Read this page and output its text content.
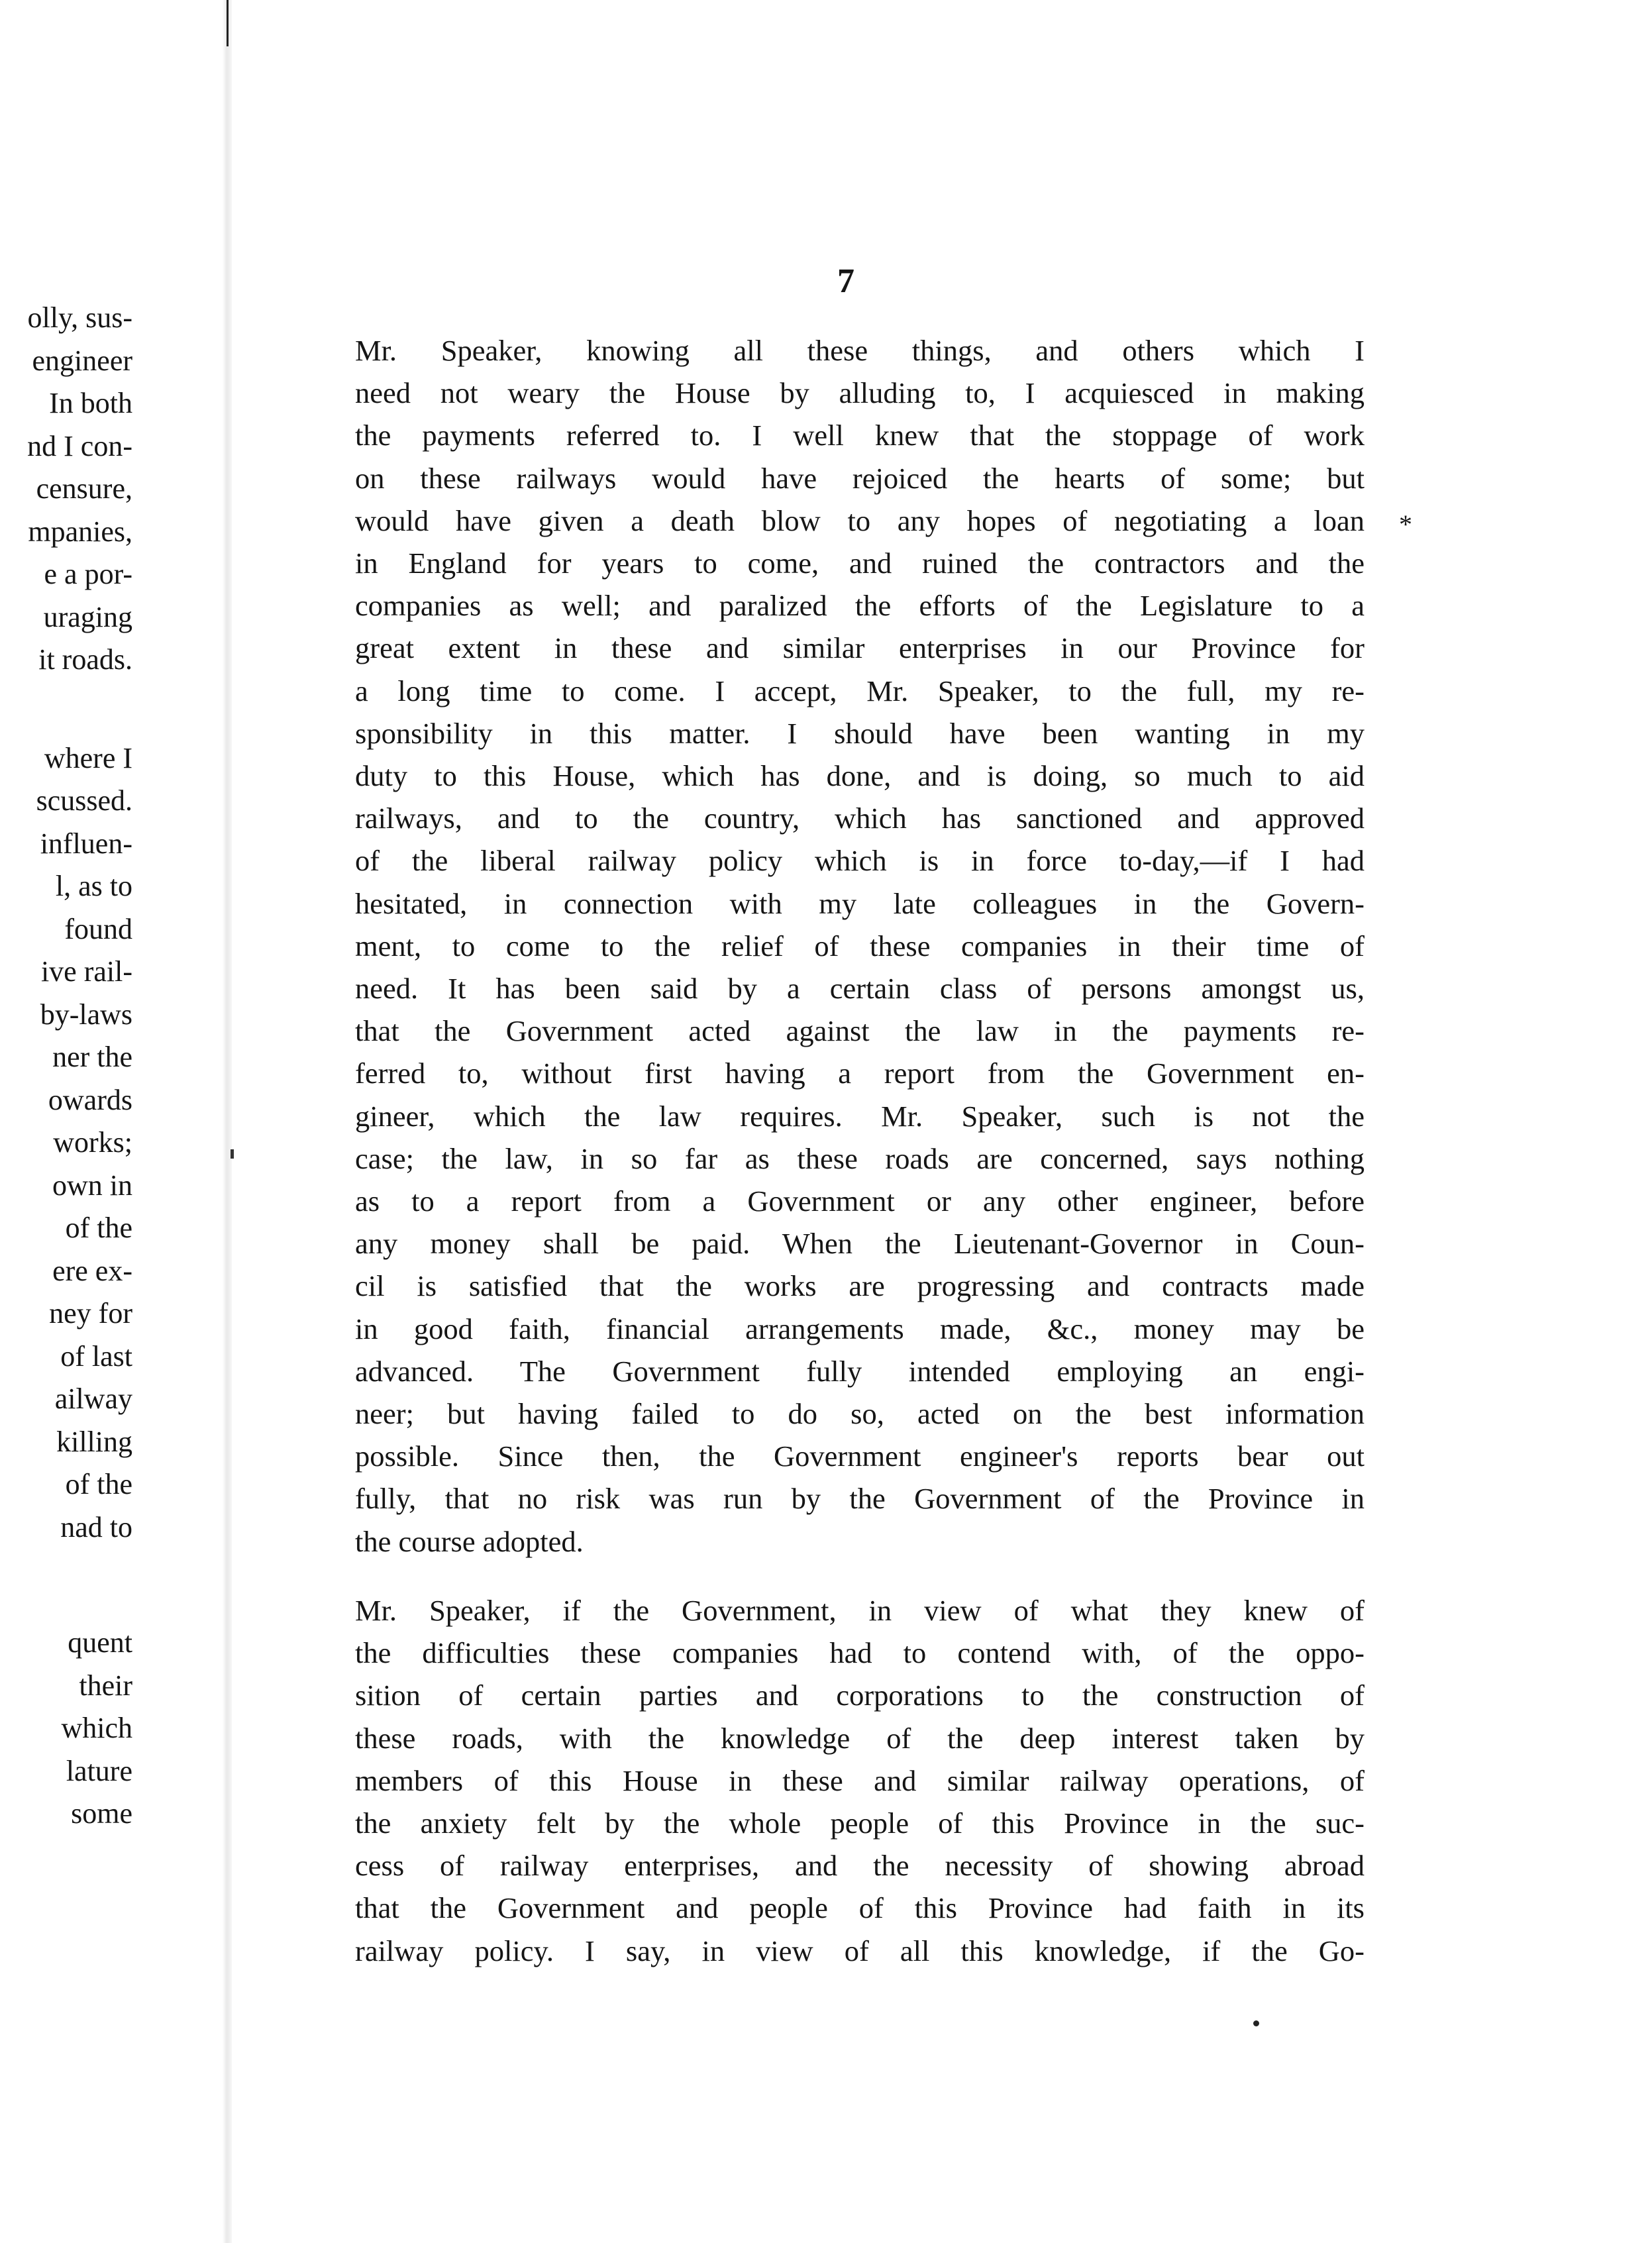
olly, sus-
engineer
In both
nd I con-
censure,
mpanies,
e a por-
uraging
it roads.
where I
scussed.
influen-
l, as to
found
ive rail-
by-laws
ner the
owards
works;
own in
of the
ere ex-
ney for
of last
ailway
killing
of the
nad to
quent
their
which
lature
some
7
Mr. Speaker, knowing all these things, and others which I
need not weary the House by alluding to, I acquiesced in making
the payments referred to. I well knew that the stoppage of work
on these railways would have rejoiced the hearts of some; but
would have given a death blow to any hopes of negotiating a loan
in England for years to come, and ruined the contractors and the
companies as well; and paralized the efforts of the Legislature to a
great extent in these and similar enterprises in our Province for
a long time to come. I accept, Mr. Speaker, to the full, my re-
sponsibility in this matter. I should have been wanting in my
duty to this House, which has done, and is doing, so much to aid
railways, and to the country, which has sanctioned and approved
of the liberal railway policy which is in force to-day,—if I had
hesitated, in connection with my late colleagues in the Govern-
ment, to come to the relief of these companies in their time of
need. It has been said by a certain class of persons amongst us,
that the Government acted against the law in the payments re-
ferred to, without first having a report from the Government en-
gineer, which the law requires. Mr. Speaker, such is not the
case; the law, in so far as these roads are concerned, says nothing
as to a report from a Government or any other engineer, before
any money shall be paid. When the Lieutenant-Governor in Coun-
cil is satisfied that the works are progressing and contracts made
in good faith, financial arrangements made, &c., money may be
advanced. The Government fully intended employing an engi-
neer; but having failed to do so, acted on the best information
possible. Since then, the Government engineer's reports bear out
fully, that no risk was run by the Government of the Province in
the course adopted.
Mr. Speaker, if the Government, in view of what they knew of
the difficulties these companies had to contend with, of the oppo-
sition of certain parties and corporations to the construction of
these roads, with the knowledge of the deep interest taken by
members of this House in these and similar railway operations, of
the anxiety felt by the whole people of this Province in the suc-
cess of railway enterprises, and the necessity of showing abroad
that the Government and people of this Province had faith in its
railway policy. I say, in view of all this knowledge, if the Go-
*
